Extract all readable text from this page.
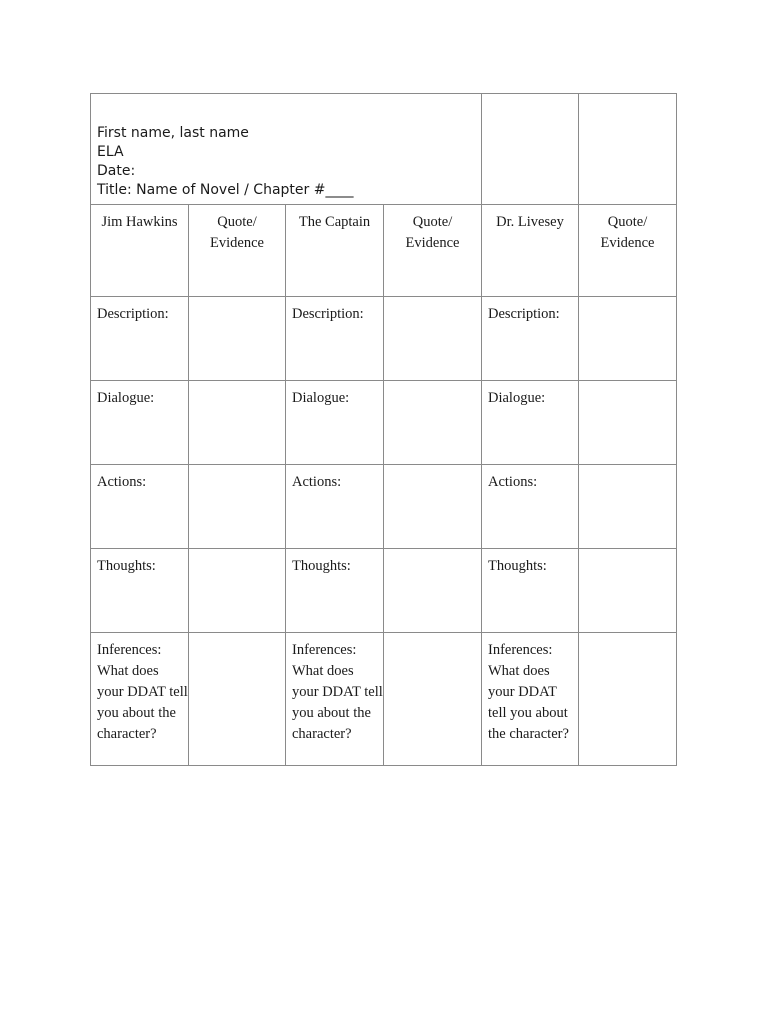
First name, last name
ELA
Date:
Title: Name of Novel / Chapter #____					

Jim Hawkins	Quote/ Evidence	The Captain	Quote/ Evidence	Dr. Livesey	Quote/ Evidence
Description:		Description:		Description:	
Dialogue:		Dialogue:		Dialogue:	
Actions:		Actions:		Actions:	
Thoughts:		Thoughts:		Thoughts:	
Inferences: What does your DDAT tell you about the character?		Inferences: What does your DDAT tell you about the character?		Inferences: What does your DDAT tell you about the character?	
